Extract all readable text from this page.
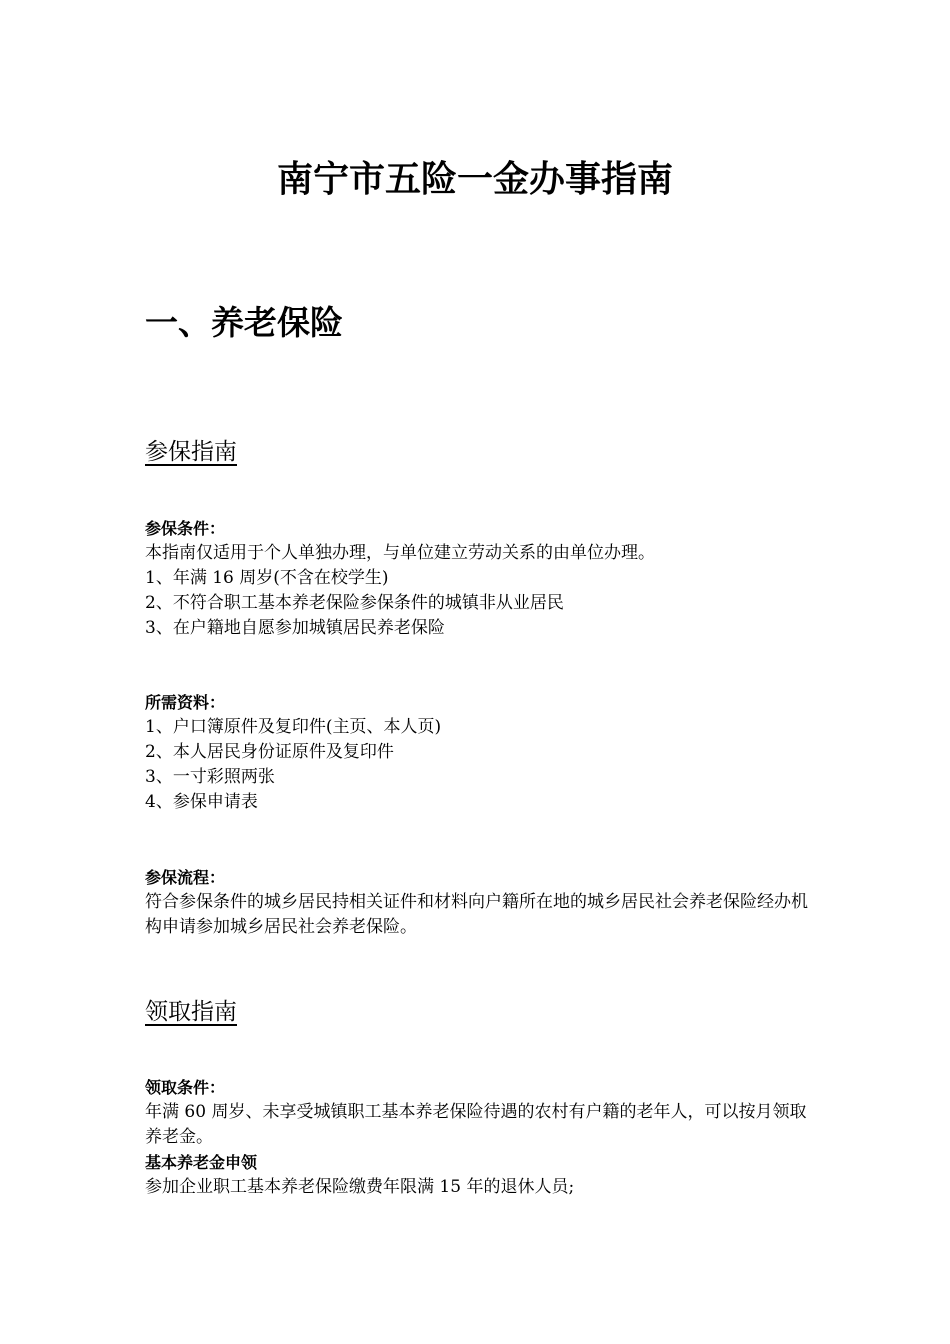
南宁市五险一金办事指南
一、养老保险
参保指南
参保条件：
本指南仅适用于个人单独办理，与单位建立劳动关系的由单位办理。
1、年满 16 周岁(不含在校学生)
2、不符合职工基本养老保险参保条件的城镇非从业居民
3、在户籍地自愿参加城镇居民养老保险
所需资料：
1、户口簿原件及复印件(主页、本人页)
2、本人居民身份证原件及复印件
3、一寸彩照两张
4、参保申请表
参保流程：
符合参保条件的城乡居民持相关证件和材料向户籍所在地的城乡居民社会养老保险经办机构申请参加城乡居民社会养老保险。
领取指南
领取条件：
年满 60 周岁、未享受城镇职工基本养老保险待遇的农村有户籍的老年人，可以按月领取养老金。
基本养老金申领
参加企业职工基本养老保险缴费年限满 15 年的退休人员;
